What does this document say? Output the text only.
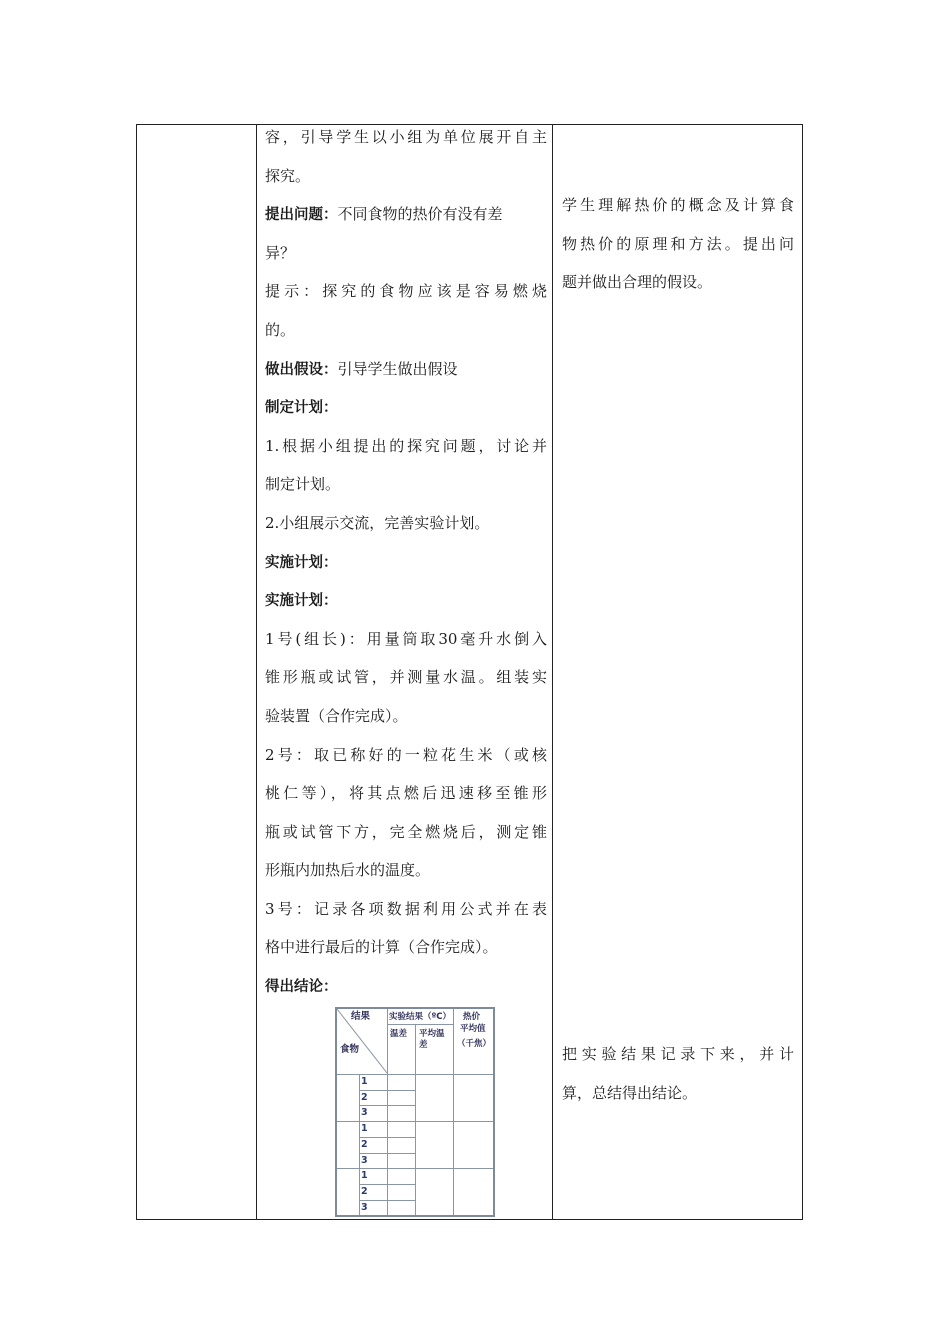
容，引导学生以小组为单位展开自主
探究。
提出问题：不同食物的热价有没有差
异？
提示：探究的食物应该是容易燃烧
的。
做出假设：引导学生做出假设
制定计划：
1.根据小组提出的探究问题，讨论并
制定计划。
2.小组展示交流，完善实验计划。
实施计划：
实施计划：
1号(组长)：用量筒取30毫升水倒入
锥形瓶或试管，并测量水温。组装实
验装置（合作完成）。
2号：取已称好的一粒花生米（或核
桃仁等），将其点燃后迅速移至锥形
瓶或试管下方，完全燃烧后，测定锥
形瓶内加热后水的温度。
3号：记录各项数据利用公式并在表
格中进行最后的计算（合作完成）。
得出结论：
学生理解热价的概念及计算食
物热价的原理和方法。提出问
题并做出合理的假设。
把实验结果记录下来，并计
算，总结得出结论。
结果
食物
实验结果（ºC）
温差 平均温
差
热价
平均值
（千焦）
1
2
3
1
2
3
1
2
3
